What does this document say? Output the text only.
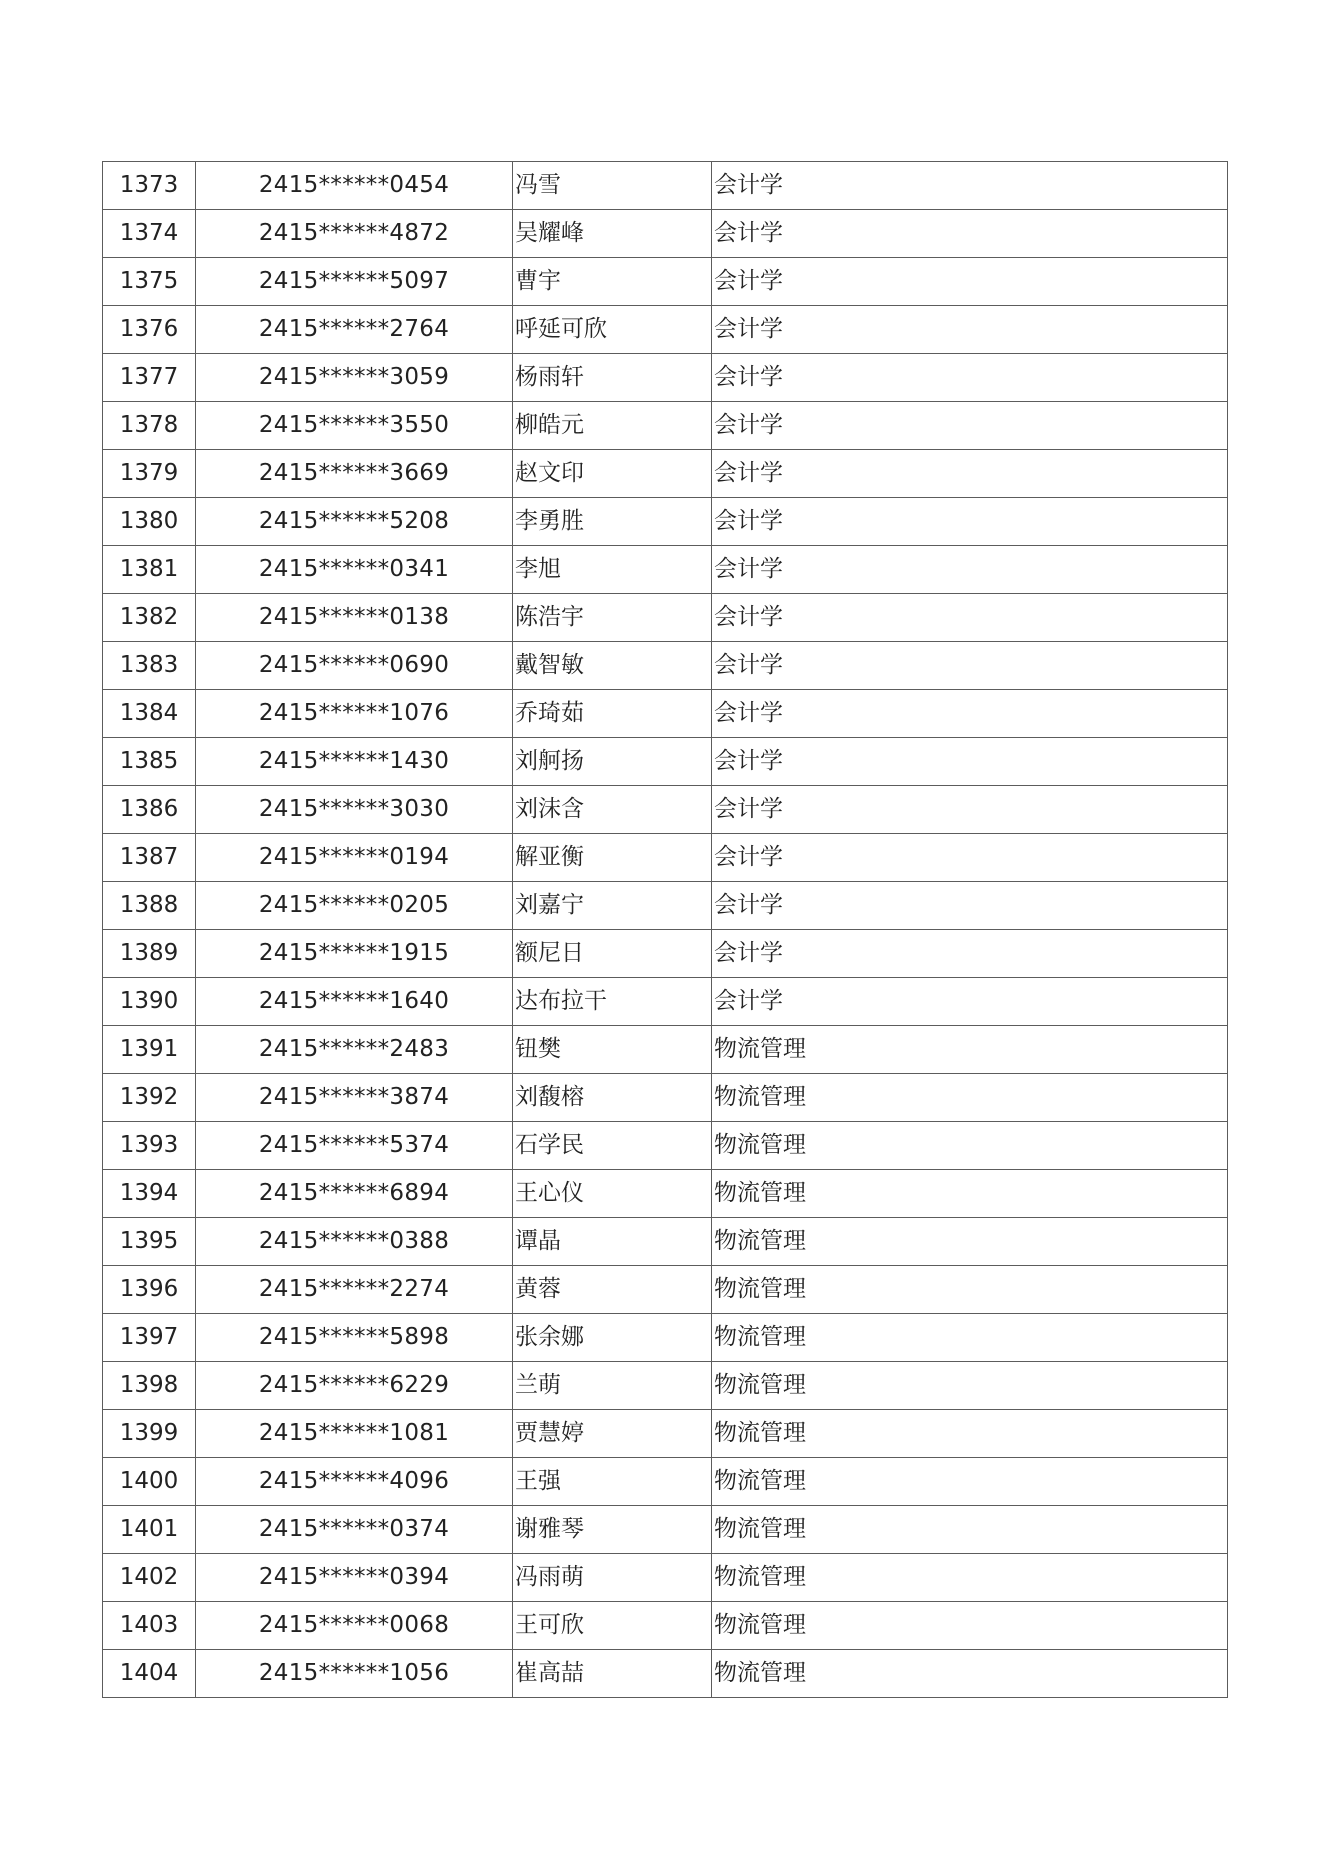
1373	2415******0454	冯雪	会计学
1374	2415******4872	吴耀峰	会计学
1375	2415******5097	曹宇	会计学
1376	2415******2764	呼延可欣	会计学
1377	2415******3059	杨雨轩	会计学
1378	2415******3550	柳皓元	会计学
1379	2415******3669	赵文印	会计学
1380	2415******5208	李勇胜	会计学
1381	2415******0341	李旭	会计学
1382	2415******0138	陈浩宇	会计学
1383	2415******0690	戴智敏	会计学
1384	2415******1076	乔琦茹	会计学
1385	2415******1430	刘舸扬	会计学
1386	2415******3030	刘沫含	会计学
1387	2415******0194	解亚衡	会计学
1388	2415******0205	刘嘉宁	会计学
1389	2415******1915	额尼日	会计学
1390	2415******1640	达布拉干	会计学
1391	2415******2483	钮樊	物流管理
1392	2415******3874	刘馥榕	物流管理
1393	2415******5374	石学民	物流管理
1394	2415******6894	王心仪	物流管理
1395	2415******0388	谭晶	物流管理
1396	2415******2274	黄蓉	物流管理
1397	2415******5898	张余娜	物流管理
1398	2415******6229	兰萌	物流管理
1399	2415******1081	贾慧婷	物流管理
1400	2415******4096	王强	物流管理
1401	2415******0374	谢雅琴	物流管理
1402	2415******0394	冯雨萌	物流管理
1403	2415******0068	王可欣	物流管理
1404	2415******1056	崔高喆	物流管理
